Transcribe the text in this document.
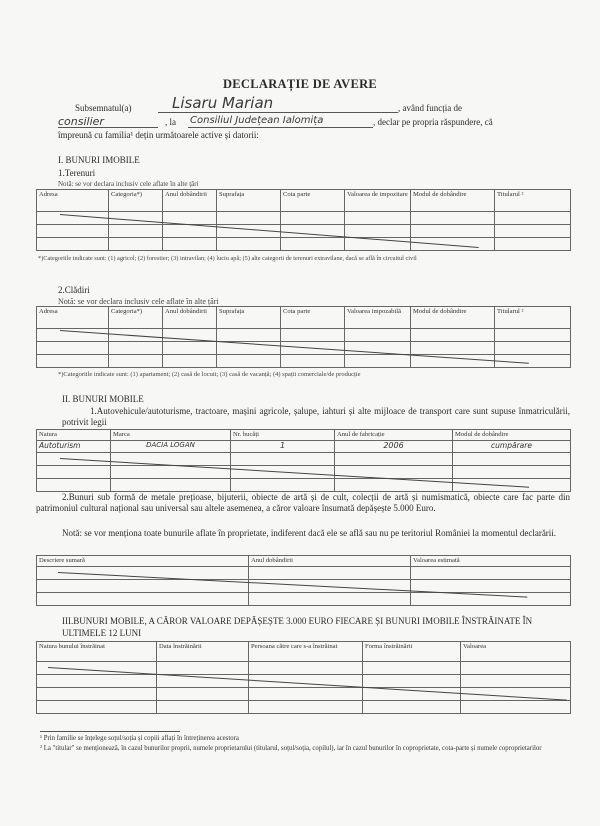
DECLARAȚIE DE AVERE
Subsemnatul(a)	Lisaru Marian	, având funcția de
consilier	, la Consiliul Județean Ialomița	, declar pe propria răspundere, că
împreună cu familia¹ dețin următoarele active și datorii:
I. BUNURI IMOBILE
1.Terenuri
Notă: se vor declara inclusiv cele aflate în alte țări
Adresa	Categoria*)	Anul dobândirii	Suprafața	Cota parte	Valoarea de impozitare	Modul de dobândire	Titularul ²

*)Categoriile indicate sunt: (1) agricol; (2) forestier; (3) intravilan; (4) luciu apă; (5) alte categorii de terenuri extravilane, dacă se află în circuitul civil
2.Clădiri
Notă: se vor declara inclusiv cele aflate în alte țări
Adresa	Categoria*)	Anul dobândirii	Suprafața	Cota parte	Valoarea impozabilă	Modul de dobândire	Titularul ²

*)Categoriile indicate sunt: (1) apartament; (2) casă de locuit; (3) casă de vacanță; (4) spații comerciale/de producție
II. BUNURI MOBILE
1.Autovehicule/autoturisme, tractoare, mașini agricole, șalupe, iahturi și alte mijloace de transport care sunt supuse înmatriculării, potrivit legii
Natura	Marca	Nr. bucăți	Anul de fabricație	Modul de dobândire
Autoturism	DACIA LOGAN	1	2006	cumpărare

2.Bunuri sub formă de metale prețioase, bijuterii, obiecte de artă și de cult, colecții de artă și numismatică, obiecte care fac parte din patrimoniul cultural național sau universal sau altele asemenea, a căror valoare însumată depășește 5.000 Euro.
Notă: se vor menționa toate bunurile aflate în proprietate, indiferent dacă ele se află sau nu pe teritoriul României la momentul declarării.
Descriere sumară	Anul dobândirii	Valoarea estimată

III.BUNURI MOBILE, A CĂROR VALOARE DEPĂȘEȘTE 3.000 EURO FIECARE ȘI BUNURI IMOBILE ÎNSTRĂINATE ÎN ULTIMELE 12 LUNI
Natura bunului înstrăinat	Data înstrăinării	Persoana către care s-a înstrăinat	Forma înstrăinării	Valoarea

¹ Prin familie se înțelege soțul/soția și copiii aflați în întreținerea acestora
² La "titular" se menționează, în cazul bunurilor proprii, numele proprietarului (titularul, soțul/soția, copilul), iar în cazul bunurilor în coproprietate, cota-parte și numele coproprietarilor
